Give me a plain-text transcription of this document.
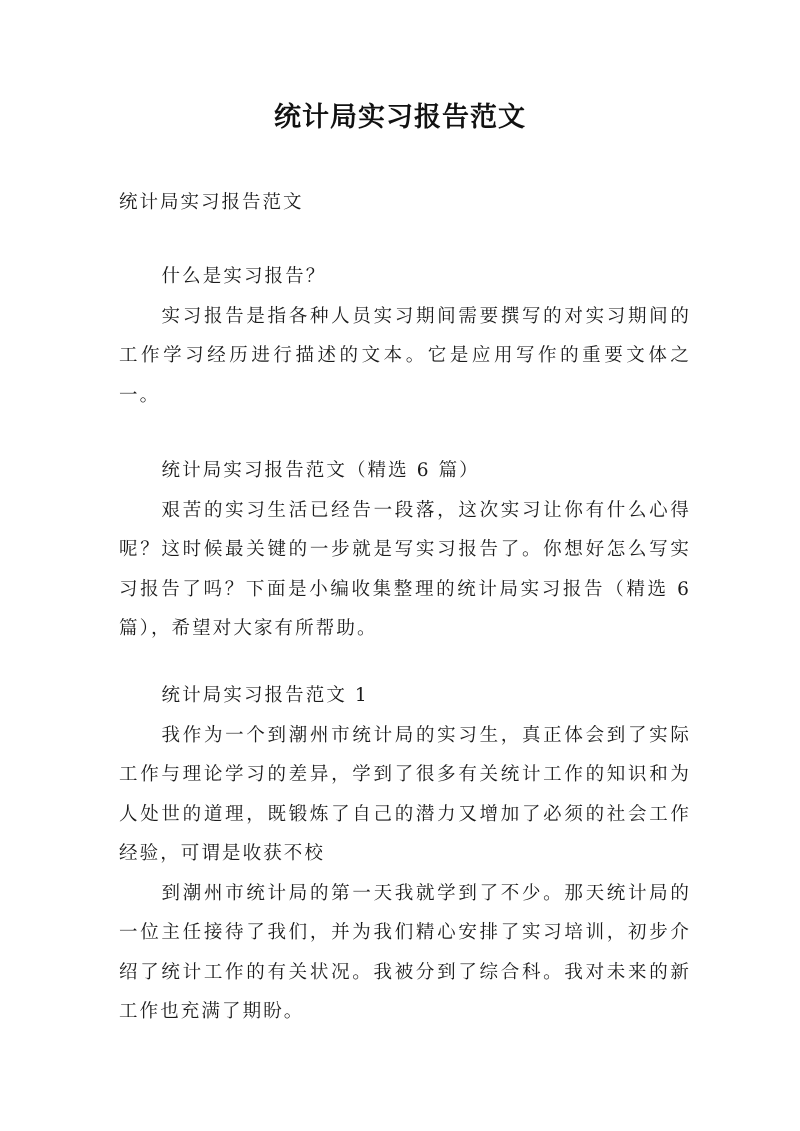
统计局实习报告范文
统计局实习报告范文

什么是实习报告？

实习报告是指各种人员实习期间需要撰写的对实习期间的工作学习经历进行描述的文本。它是应用写作的重要文体之一。

统计局实习报告范文（精选 6 篇）

艰苦的实习生活已经告一段落，这次实习让你有什么心得呢？这时候最关键的一步就是写实习报告了。你想好怎么写实习报告了吗？下面是小编收集整理的统计局实习报告（精选 6 篇），希望对大家有所帮助。

统计局实习报告范文 1

我作为一个到潮州市统计局的实习生，真正体会到了实际工作与理论学习的差异，学到了很多有关统计工作的知识和为人处世的道理，既锻炼了自己的潜力又增加了必须的社会工作经验，可谓是收获不校

到潮州市统计局的第一天我就学到了不少。那天统计局的一位主任接待了我们，并为我们精心安排了实习培训，初步介绍了统计工作的有关状况。我被分到了综合科。我对未来的新工作也充满了期盼。
